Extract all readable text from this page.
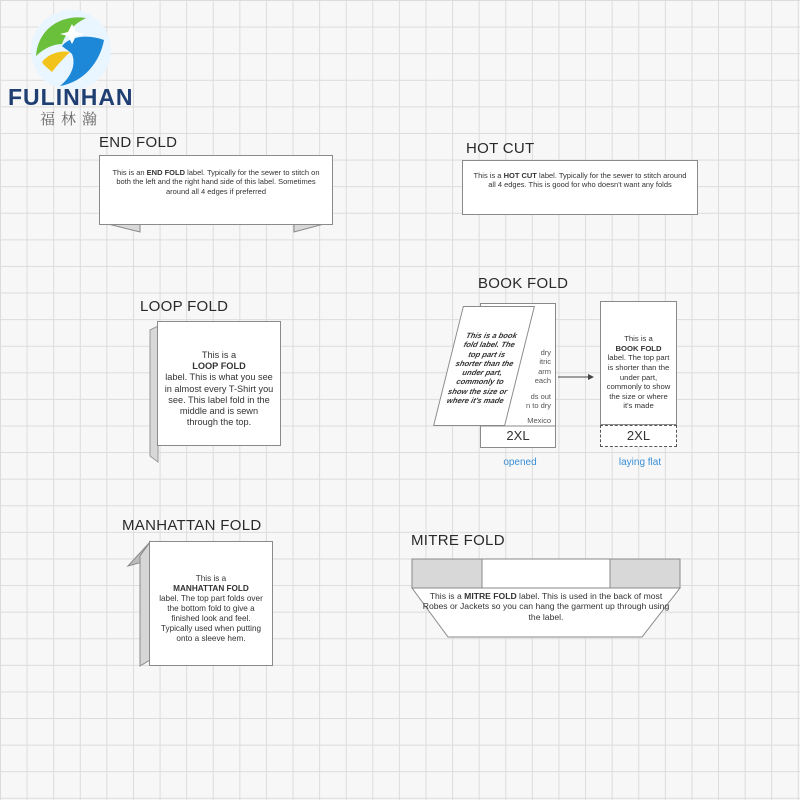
FULINHAN
福林瀚
END FOLD
This is an END FOLD label. Typically for the sewer to stitch on both the left and the right hand side of this label. Sometimes around all 4 edges if preferred
HOT CUT
This is a HOT CUT label. Typically for the sewer to stitch around all 4 edges. This is good for who doesn't want any folds
LOOP FOLD
This is a
LOOP FOLD
label. This is what you see in almost every T-Shirt you see. This label fold in the middle and is sewn through the top.
BOOK FOLD
dry
itric
arm
each
ds out
n to dry
Mexico
2XL
This is a book fold label. The top part is shorter than the under part, commonly to show the size or where it's made
This is a
BOOK FOLD
label. The top part is shorter than the under part, commonly to show the size or where it's made
2XL
opened	laying flat
MANHATTAN FOLD
This is a
MANHATTAN FOLD
label. The top part folds over the bottom fold to give a finished look and feel. Typically used when putting onto a sleeve hem.
MITRE FOLD
This is a MITRE FOLD label. This is used in the back of most Robes or Jackets so you can hang the garment up through using the label.
